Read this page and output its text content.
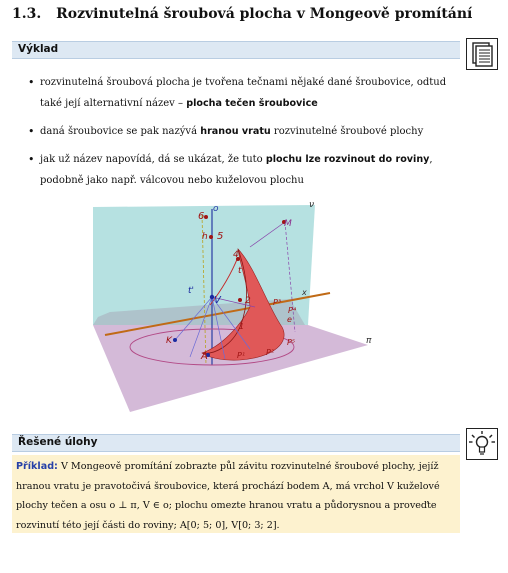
1.3. Rozvinutelná šroubová plocha v Mongeově promítání
Výklad
• rozvinutelná šroubová plocha je tvořena tečnami nějaké dané šroubovice, odtud také její alternativní název – plocha tečen šroubovice
• daná šroubovice se pak nazývá hranou vratu rozvinutelné šroubové plochy
• jak už název napovídá, dá se ukázat, že tuto plochu lze rozvinout do roviny, podobně jako např. válcovou nebo kuželovou plochu
ν
o
6
h 5
M
4
t
t'
V	2	P³
e
x
P⁴
1
K
A	P¹	P²
P⁵	π
Řešené úlohy
Příklad: V Mongeově promítání zobrazte půl závitu rozvinutelné šroubové plochy, jejíž hranou vratu je pravotočivá šroubovice, která prochází bodem A, má vrchol V kuželové plochy tečen a osu o ⊥ π, V ∈ o; plochu omezte hranou vratu a půdorysnou a proveďte rozvinutí této její části do roviny; A[0; 5; 0], V[0; 3; 2].
